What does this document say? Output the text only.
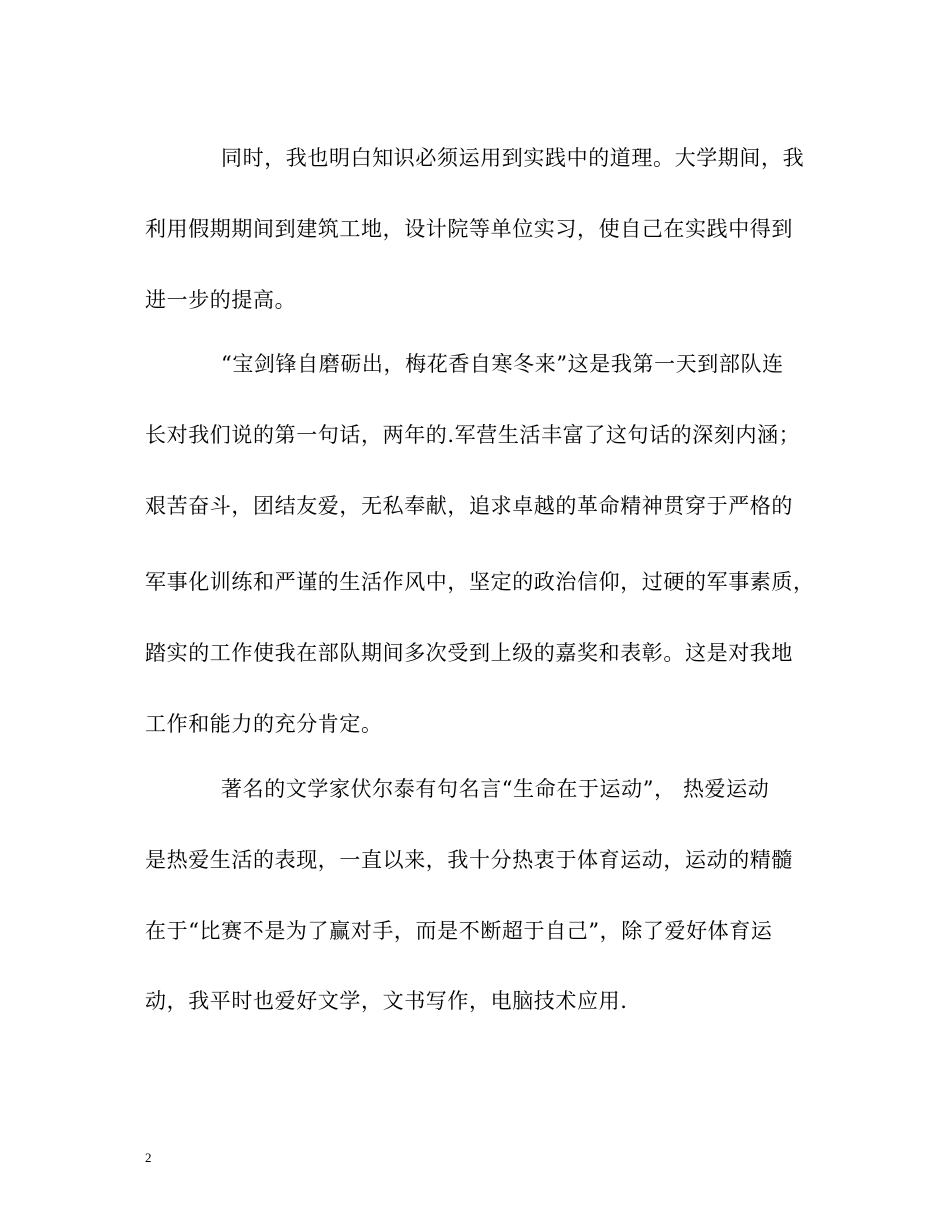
同时，我也明白知识必须运用到实践中的道理。大学期间，我
利用假期期间到建筑工地，设计院等单位实习，使自己在实践中得到
进一步的提高。
“宝剑锋自磨砺出，梅花香自寒冬来”这是我第一天到部队连
长对我们说的第一句话，两年的.军营生活丰富了这句话的深刻内涵；
艰苦奋斗，团结友爱，无私奉献，追求卓越的革命精神贯穿于严格的
军事化训练和严谨的生活作风中，坚定的政治信仰，过硬的军事素质，
踏实的工作使我在部队期间多次受到上级的嘉奖和表彰。这是对我地
工作和能力的充分肯定。
著名的文学家伏尔泰有句名言“生命在于运动”， 热爱运动
是热爱生活的表现，一直以来，我十分热衷于体育运动，运动的精髓
在于“比赛不是为了赢对手，而是不断超于自己”，除了爱好体育运
动，我平时也爱好文学，文书写作，电脑技术应用.
2
